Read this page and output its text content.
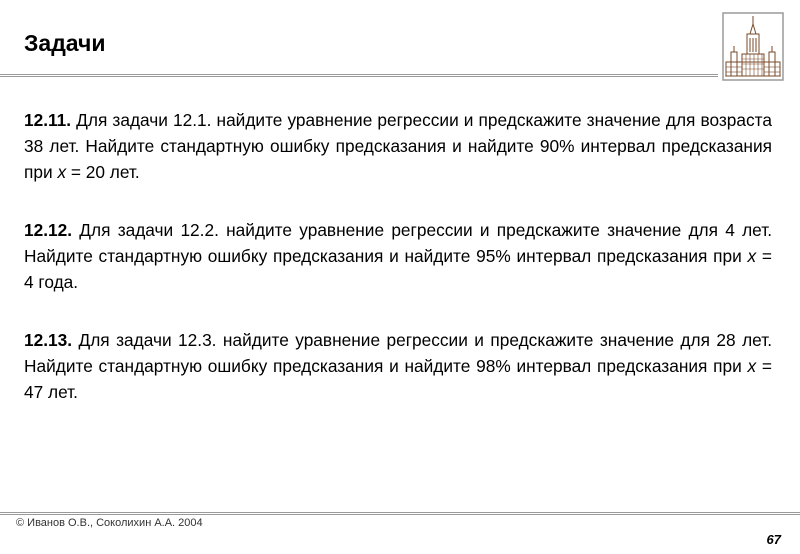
Задачи

12.11. Для задачи 12.1. найдите уравнение регрессии и предскажите значение для возраста 38 лет. Найдите стандартную ошибку предсказания и найдите 90% интервал предсказания при x = 20 лет.

12.12. Для задачи 12.2. найдите уравнение регрессии и предскажите значение для 4 лет. Найдите стандартную ошибку предсказания и найдите 95% интервал предсказания при x = 4 года.

12.13. Для задачи 12.3. найдите уравнение регрессии и предскажите значение для 28 лет. Найдите стандартную ошибку предсказания и найдите 98% интервал предсказания при x = 47 лет.

© Иванов О.В., Соколихин А.А. 2004
67
